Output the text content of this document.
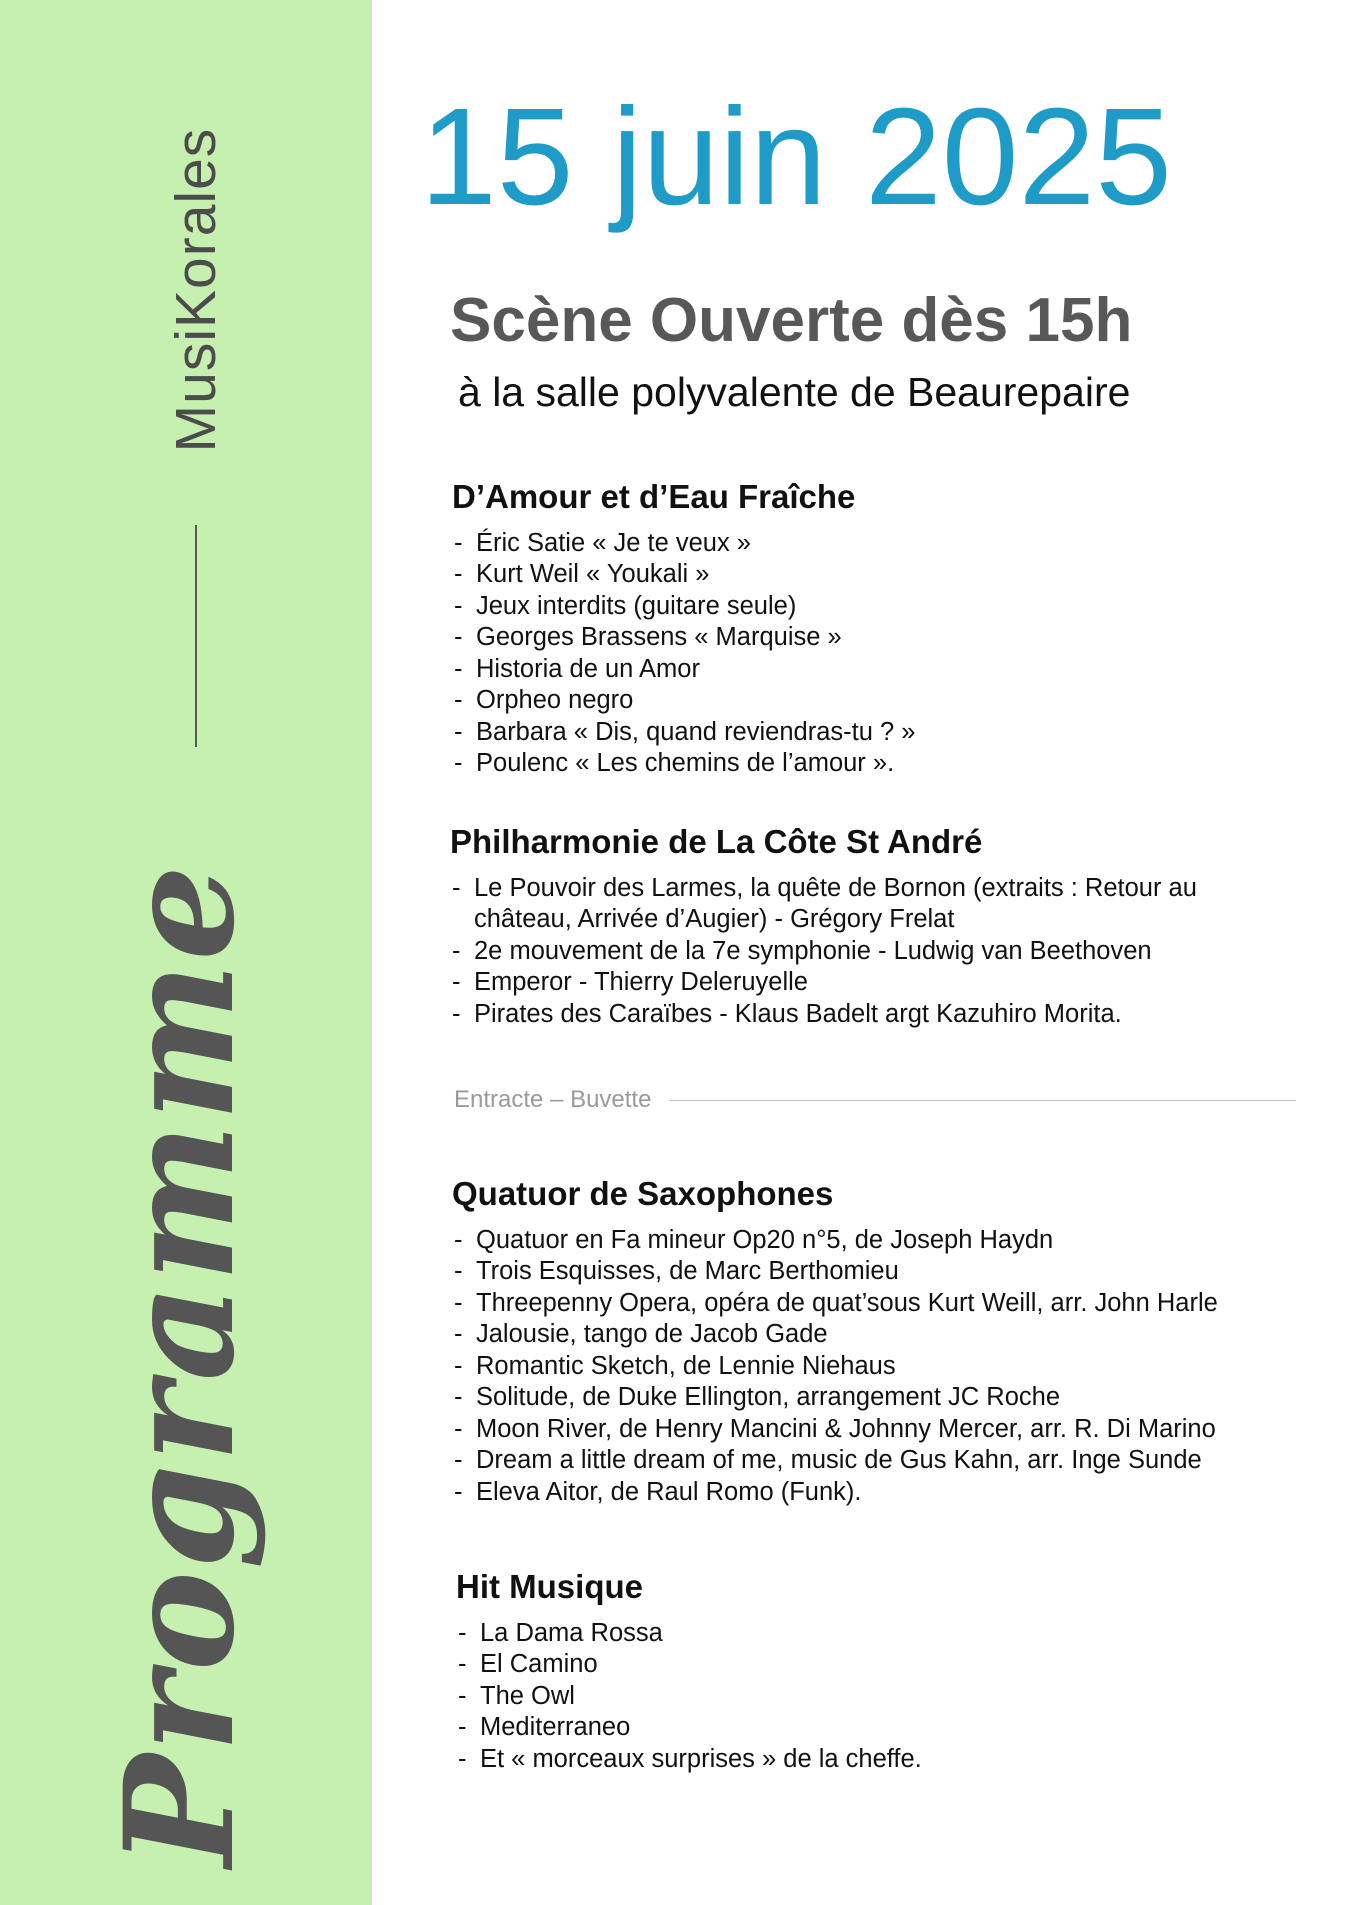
MusiKorales
Programme
15 juin 2025
Scène Ouverte dès 15h
à la salle polyvalente de Beaurepaire
D’Amour et d’Eau Fraîche
- Éric Satie « Je te veux »
- Kurt Weil « Youkali »
- Jeux interdits (guitare seule)
- Georges Brassens « Marquise »
- Historia de un Amor
- Orpheo negro
- Barbara « Dis, quand reviendras-tu ? »
- Poulenc « Les chemins de l’amour ».
Philharmonie de La Côte St André
- Le Pouvoir des Larmes, la quête de Bornon (extraits : Retour au château, Arrivée d’Augier) - Grégory Frelat
- 2e mouvement de la 7e symphonie - Ludwig van Beethoven
- Emperor - Thierry Deleruyelle
- Pirates des Caraïbes - Klaus Badelt argt Kazuhiro Morita.
Entracte – Buvette
Quatuor de Saxophones
- Quatuor en Fa mineur Op20 n°5, de Joseph Haydn
- Trois Esquisses, de Marc Berthomieu
- Threepenny Opera, opéra de quat’sous Kurt Weill, arr. John Harle
- Jalousie, tango de Jacob Gade
- Romantic Sketch, de Lennie Niehaus
- Solitude, de Duke Ellington, arrangement JC Roche
- Moon River, de Henry Mancini & Johnny Mercer, arr. R. Di Marino
- Dream a little dream of me, music de Gus Kahn, arr. Inge Sunde
- Eleva Aitor, de Raul Romo (Funk).
Hit Musique
- La Dama Rossa
- El Camino
- The Owl
- Mediterraneo
- Et « morceaux surprises » de la cheffe.
